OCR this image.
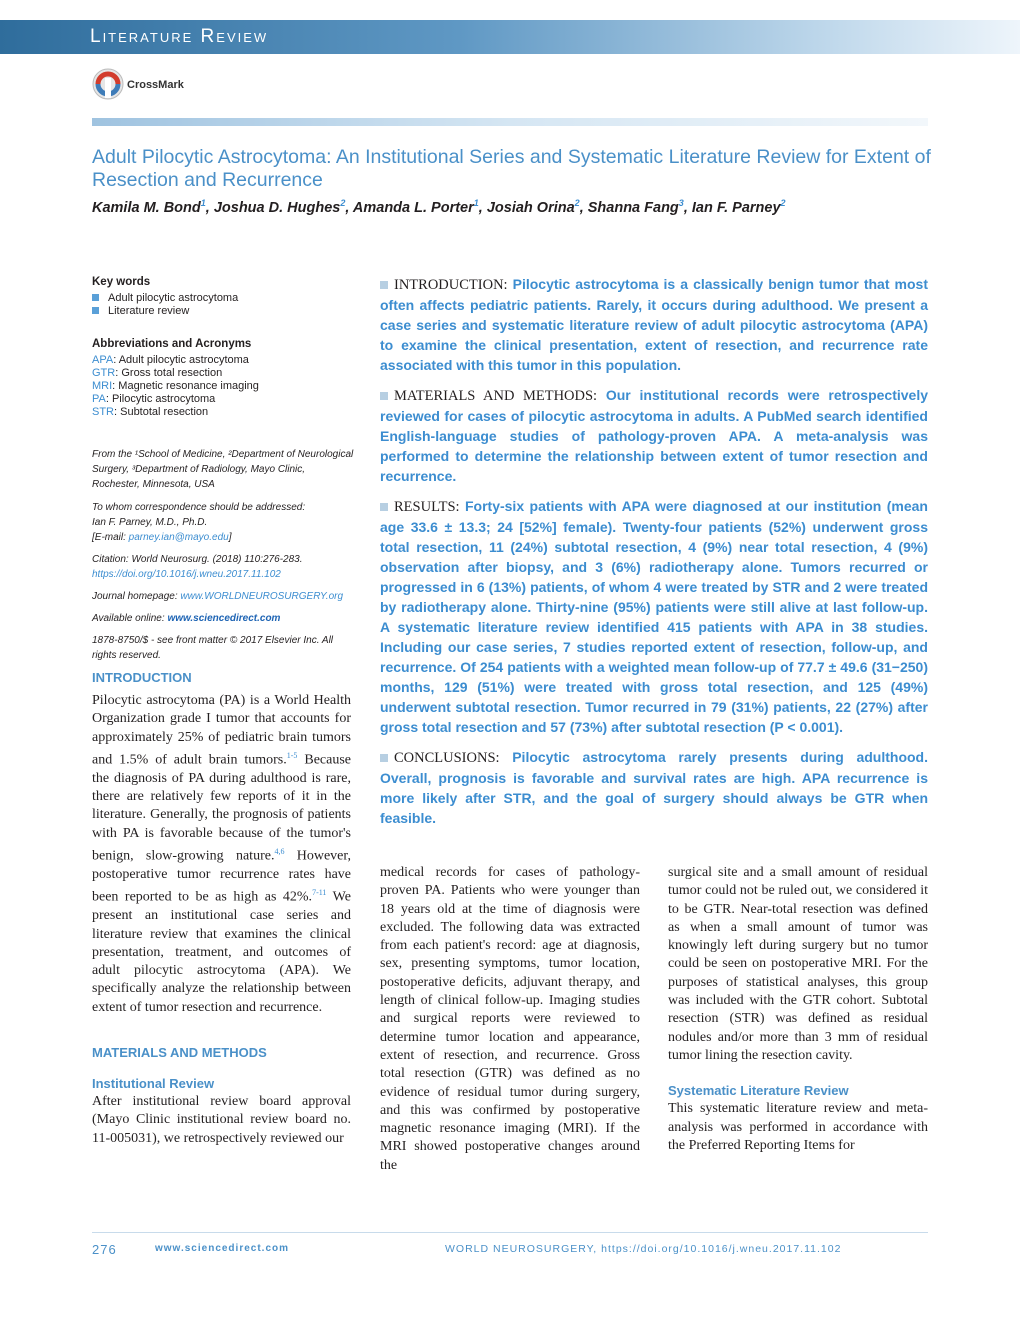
Literature Review
CrossMark
Adult Pilocytic Astrocytoma: An Institutional Series and Systematic Literature Review for Extent of Resection and Recurrence
Kamila M. Bond$^1$, Joshua D. Hughes$^2$, Amanda L. Porter$^1$, Josiah Orina$^2$, Shanna Fang$^3$, Ian F. Parney$^2$
Key words
Adult pilocytic astrocytoma
Literature review
Abbreviations and Acronyms
APA: Adult pilocytic astrocytoma
GTR: Gross total resection
MRI: Magnetic resonance imaging
PA: Pilocytic astrocytoma
STR: Subtotal resection
From the ¹School of Medicine, ²Department of Neurological Surgery, ³Department of Radiology, Mayo Clinic, Rochester, Minnesota, USA
To whom correspondence should be addressed:
Ian F. Parney, M.D., Ph.D.
[E-mail: parney.ian@mayo.edu]
Citation: World Neurosurg. (2018) 110:276-283.
https://doi.org/10.1016/j.wneu.2017.11.102
Journal homepage: www.WORLDNEUROSURGERY.org
Available online: www.sciencedirect.com
1878-8750/$ - see front matter © 2017 Elsevier Inc. All rights reserved.

INTRODUCTION: Pilocytic astrocytoma is a classically benign tumor that most often affects pediatric patients. Rarely, it occurs during adulthood. We present a case series and systematic literature review of adult pilocytic astrocytoma (APA) to examine the clinical presentation, extent of resection, and recurrence rate associated with this tumor in this population.

MATERIALS AND METHODS: Our institutional records were retrospectively reviewed for cases of pilocytic astrocytoma in adults. A PubMed search identified English-language studies of pathology-proven APA. A meta-analysis was performed to determine the relationship between extent of tumor resection and recurrence.

RESULTS: Forty-six patients with APA were diagnosed at our institution (mean age 33.6 ± 13.3; 24 [52%] female). Twenty-four patients (52%) underwent gross total resection, 11 (24%) subtotal resection, 4 (9%) near total resection, 4 (9%) observation after biopsy, and 3 (6%) radiotherapy alone. Tumors recurred or progressed in 6 (13%) patients, of whom 4 were treated by STR and 2 were treated by radiotherapy alone. Thirty-nine (95%) patients were still alive at last follow-up. A systematic literature review identified 415 patients with APA in 38 studies. Including our case series, 7 studies reported extent of resection, follow-up, and recurrence. Of 254 patients with a weighted mean follow-up of 77.7 ± 49.6 (31−250) months, 129 (51%) were treated with gross total resection, and 125 (49%) underwent subtotal resection. Tumor recurred in 79 (31%) patients, 22 (27%) after gross total resection and 57 (73%) after subtotal resection (P < 0.001).

CONCLUSIONS: Pilocytic astrocytoma rarely presents during adulthood. Overall, prognosis is favorable and survival rates are high. APA recurrence is more likely after STR, and the goal of surgery should always be GTR when feasible.

INTRODUCTION
Pilocytic astrocytoma (PA) is a World Health Organization grade I tumor that accounts for approximately 25% of pediatric brain tumors and 1.5% of adult brain tumors.$^{1-5}$ Because the diagnosis of PA during adulthood is rare, there are relatively few reports of it in the literature. Generally, the prognosis of patients with PA is favorable because of the tumor's benign, slow-growing nature.$^{4,6}$ However, postoperative tumor recurrence rates have been reported to be as high as 42%.$^{7-11}$ We present an institutional case series and literature review that examines the clinical presentation, treatment, and outcomes of adult pilocytic astrocytoma (APA). We specifically analyze the relationship between extent of tumor resection and recurrence.
MATERIALS AND METHODS
Institutional Review
After institutional review board approval (Mayo Clinic institutional review board no. 11-005031), we retrospectively reviewed our
medical records for cases of pathology-proven PA. Patients who were younger than 18 years old at the time of diagnosis were excluded. The following data was extracted from each patient's record: age at diagnosis, sex, presenting symptoms, tumor location, postoperative deficits, adjuvant therapy, and length of clinical follow-up. Imaging studies and surgical reports were reviewed to determine tumor location and appearance, extent of resection, and recurrence. Gross total resection (GTR) was defined as no evidence of residual tumor during surgery, and this was confirmed by postoperative magnetic resonance imaging (MRI). If the MRI showed postoperative changes around the
surgical site and a small amount of residual tumor could not be ruled out, we considered it to be GTR. Near-total resection was defined as when a small amount of tumor was knowingly left during surgery but no tumor could be seen on postoperative MRI. For the purposes of statistical analyses, this group was included with the GTR cohort. Subtotal resection (STR) was defined as residual nodules and/or more than 3 mm of residual tumor lining the resection cavity.
Systematic Literature Review
This systematic literature review and meta-analysis was performed in accordance with the Preferred Reporting Items for
276	www.sciencedirect.com	WORLD NEUROSURGERY, https://doi.org/10.1016/j.wneu.2017.11.102
